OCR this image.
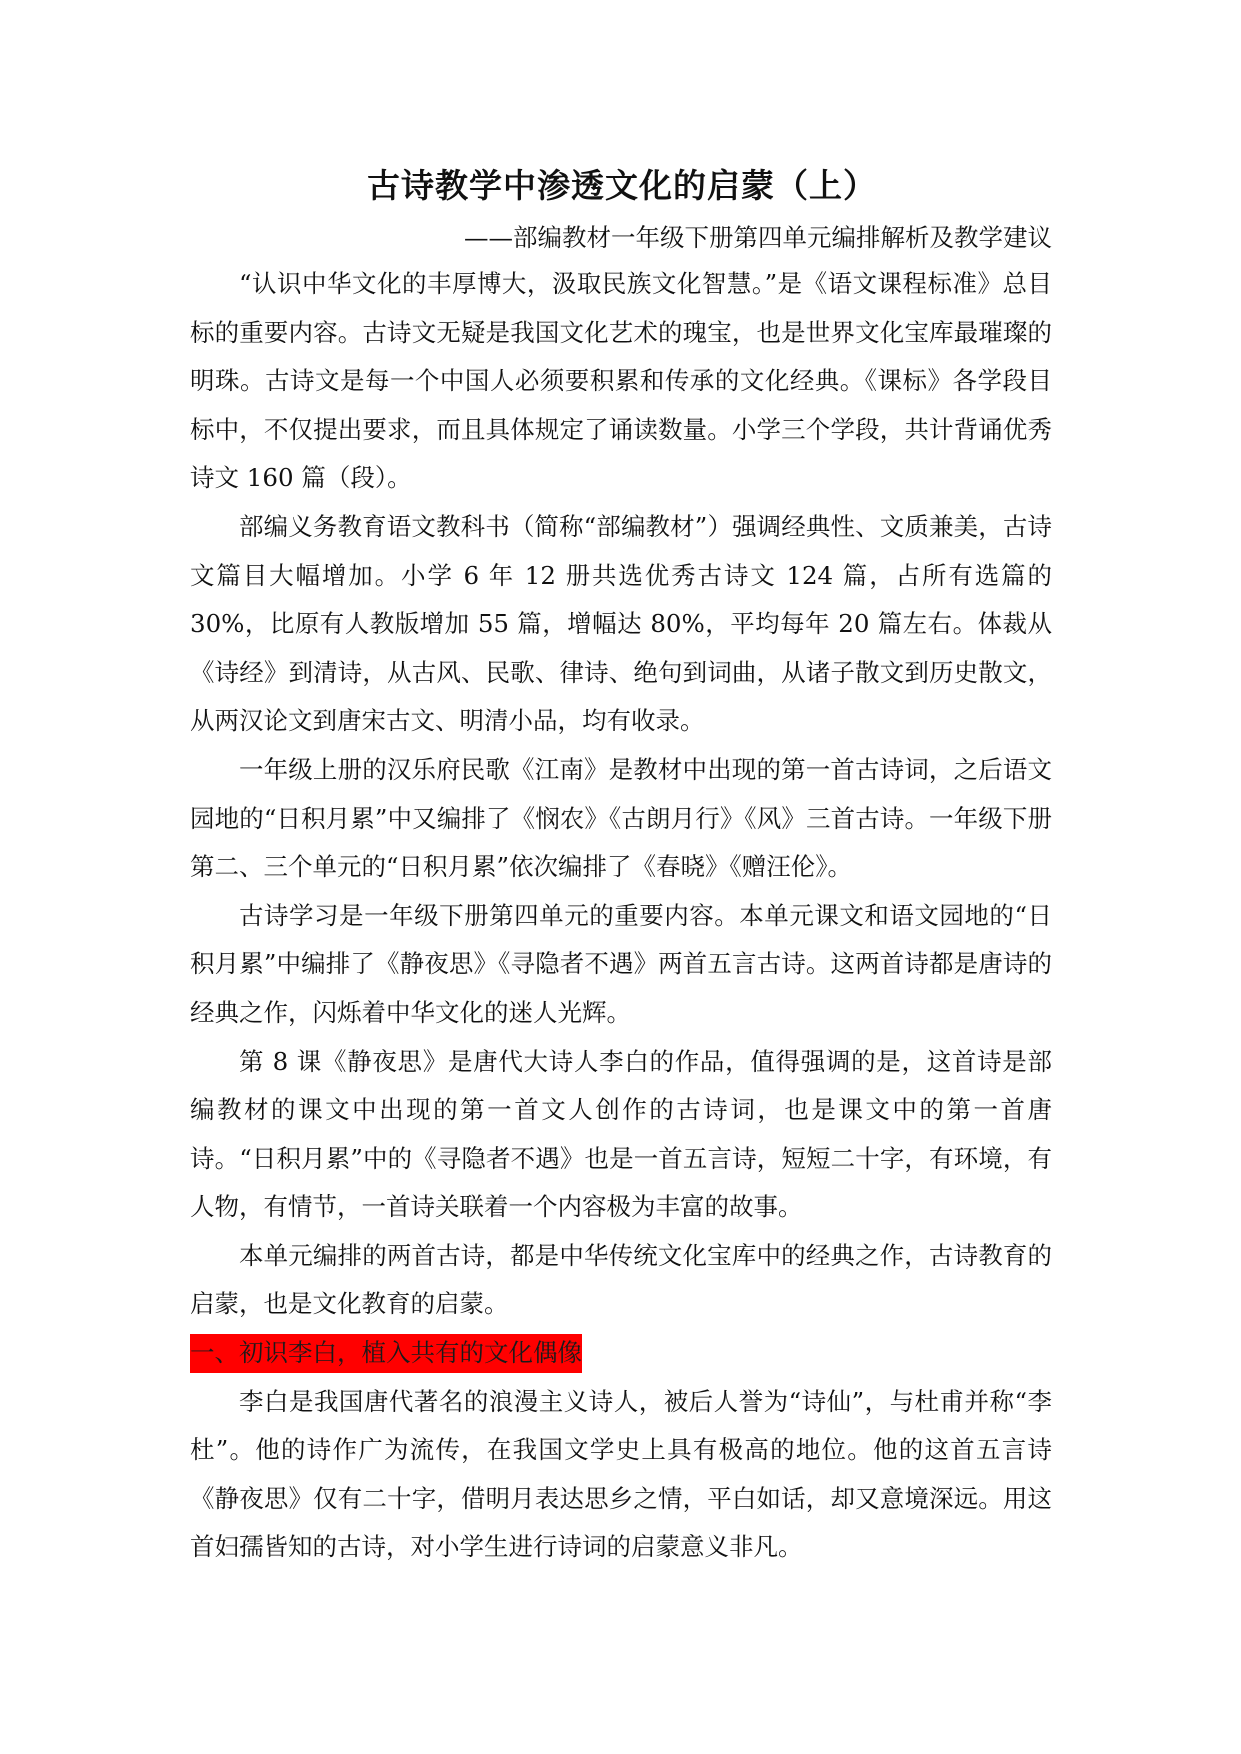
古诗教学中渗透文化的启蒙（上）

——部编教材一年级下册第四单元编排解析及教学建议

“认识中华文化的丰厚博大，汲取民族文化智慧。”是《语文课程标准》总目标的重要内容。古诗文无疑是我国文化艺术的瑰宝，也是世界文化宝库最璀璨的明珠。古诗文是每一个中国人必须要积累和传承的文化经典。《课标》各学段目标中，不仅提出要求，而且具体规定了诵读数量。小学三个学段，共计背诵优秀诗文 160 篇（段）。

部编义务教育语文教科书（简称“部编教材”）强调经典性、文质兼美，古诗文篇目大幅增加。小学 6 年 12 册共选优秀古诗文 124 篇，占所有选篇的 30%，比原有人教版增加 55 篇，增幅达 80%，平均每年 20 篇左右。体裁从《诗经》到清诗，从古风、民歌、律诗、绝句到词曲，从诸子散文到历史散文，从两汉论文到唐宋古文、明清小品，均有收录。

一年级上册的汉乐府民歌《江南》是教材中出现的第一首古诗词，之后语文园地的“日积月累”中又编排了《悯农》《古朗月行》《风》三首古诗。一年级下册第二、三个单元的“日积月累”依次编排了《春晓》《赠汪伦》。

古诗学习是一年级下册第四单元的重要内容。本单元课文和语文园地的“日积月累”中编排了《静夜思》《寻隐者不遇》两首五言古诗。这两首诗都是唐诗的经典之作，闪烁着中华文化的迷人光辉。

第 8 课《静夜思》是唐代大诗人李白的作品，值得强调的是，这首诗是部编教材的课文中出现的第一首文人创作的古诗词，也是课文中的第一首唐诗。“日积月累”中的《寻隐者不遇》也是一首五言诗，短短二十字，有环境，有人物，有情节，一首诗关联着一个内容极为丰富的故事。

本单元编排的两首古诗，都是中华传统文化宝库中的经典之作，古诗教育的启蒙，也是文化教育的启蒙。

一、初识李白，植入共有的文化偶像

李白是我国唐代著名的浪漫主义诗人，被后人誉为“诗仙”，与杜甫并称“李杜”。他的诗作广为流传，在我国文学史上具有极高的地位。他的这首五言诗《静夜思》仅有二十字，借明月表达思乡之情，平白如话，却又意境深远。用这首妇孺皆知的古诗，对小学生进行诗词的启蒙意义非凡。
